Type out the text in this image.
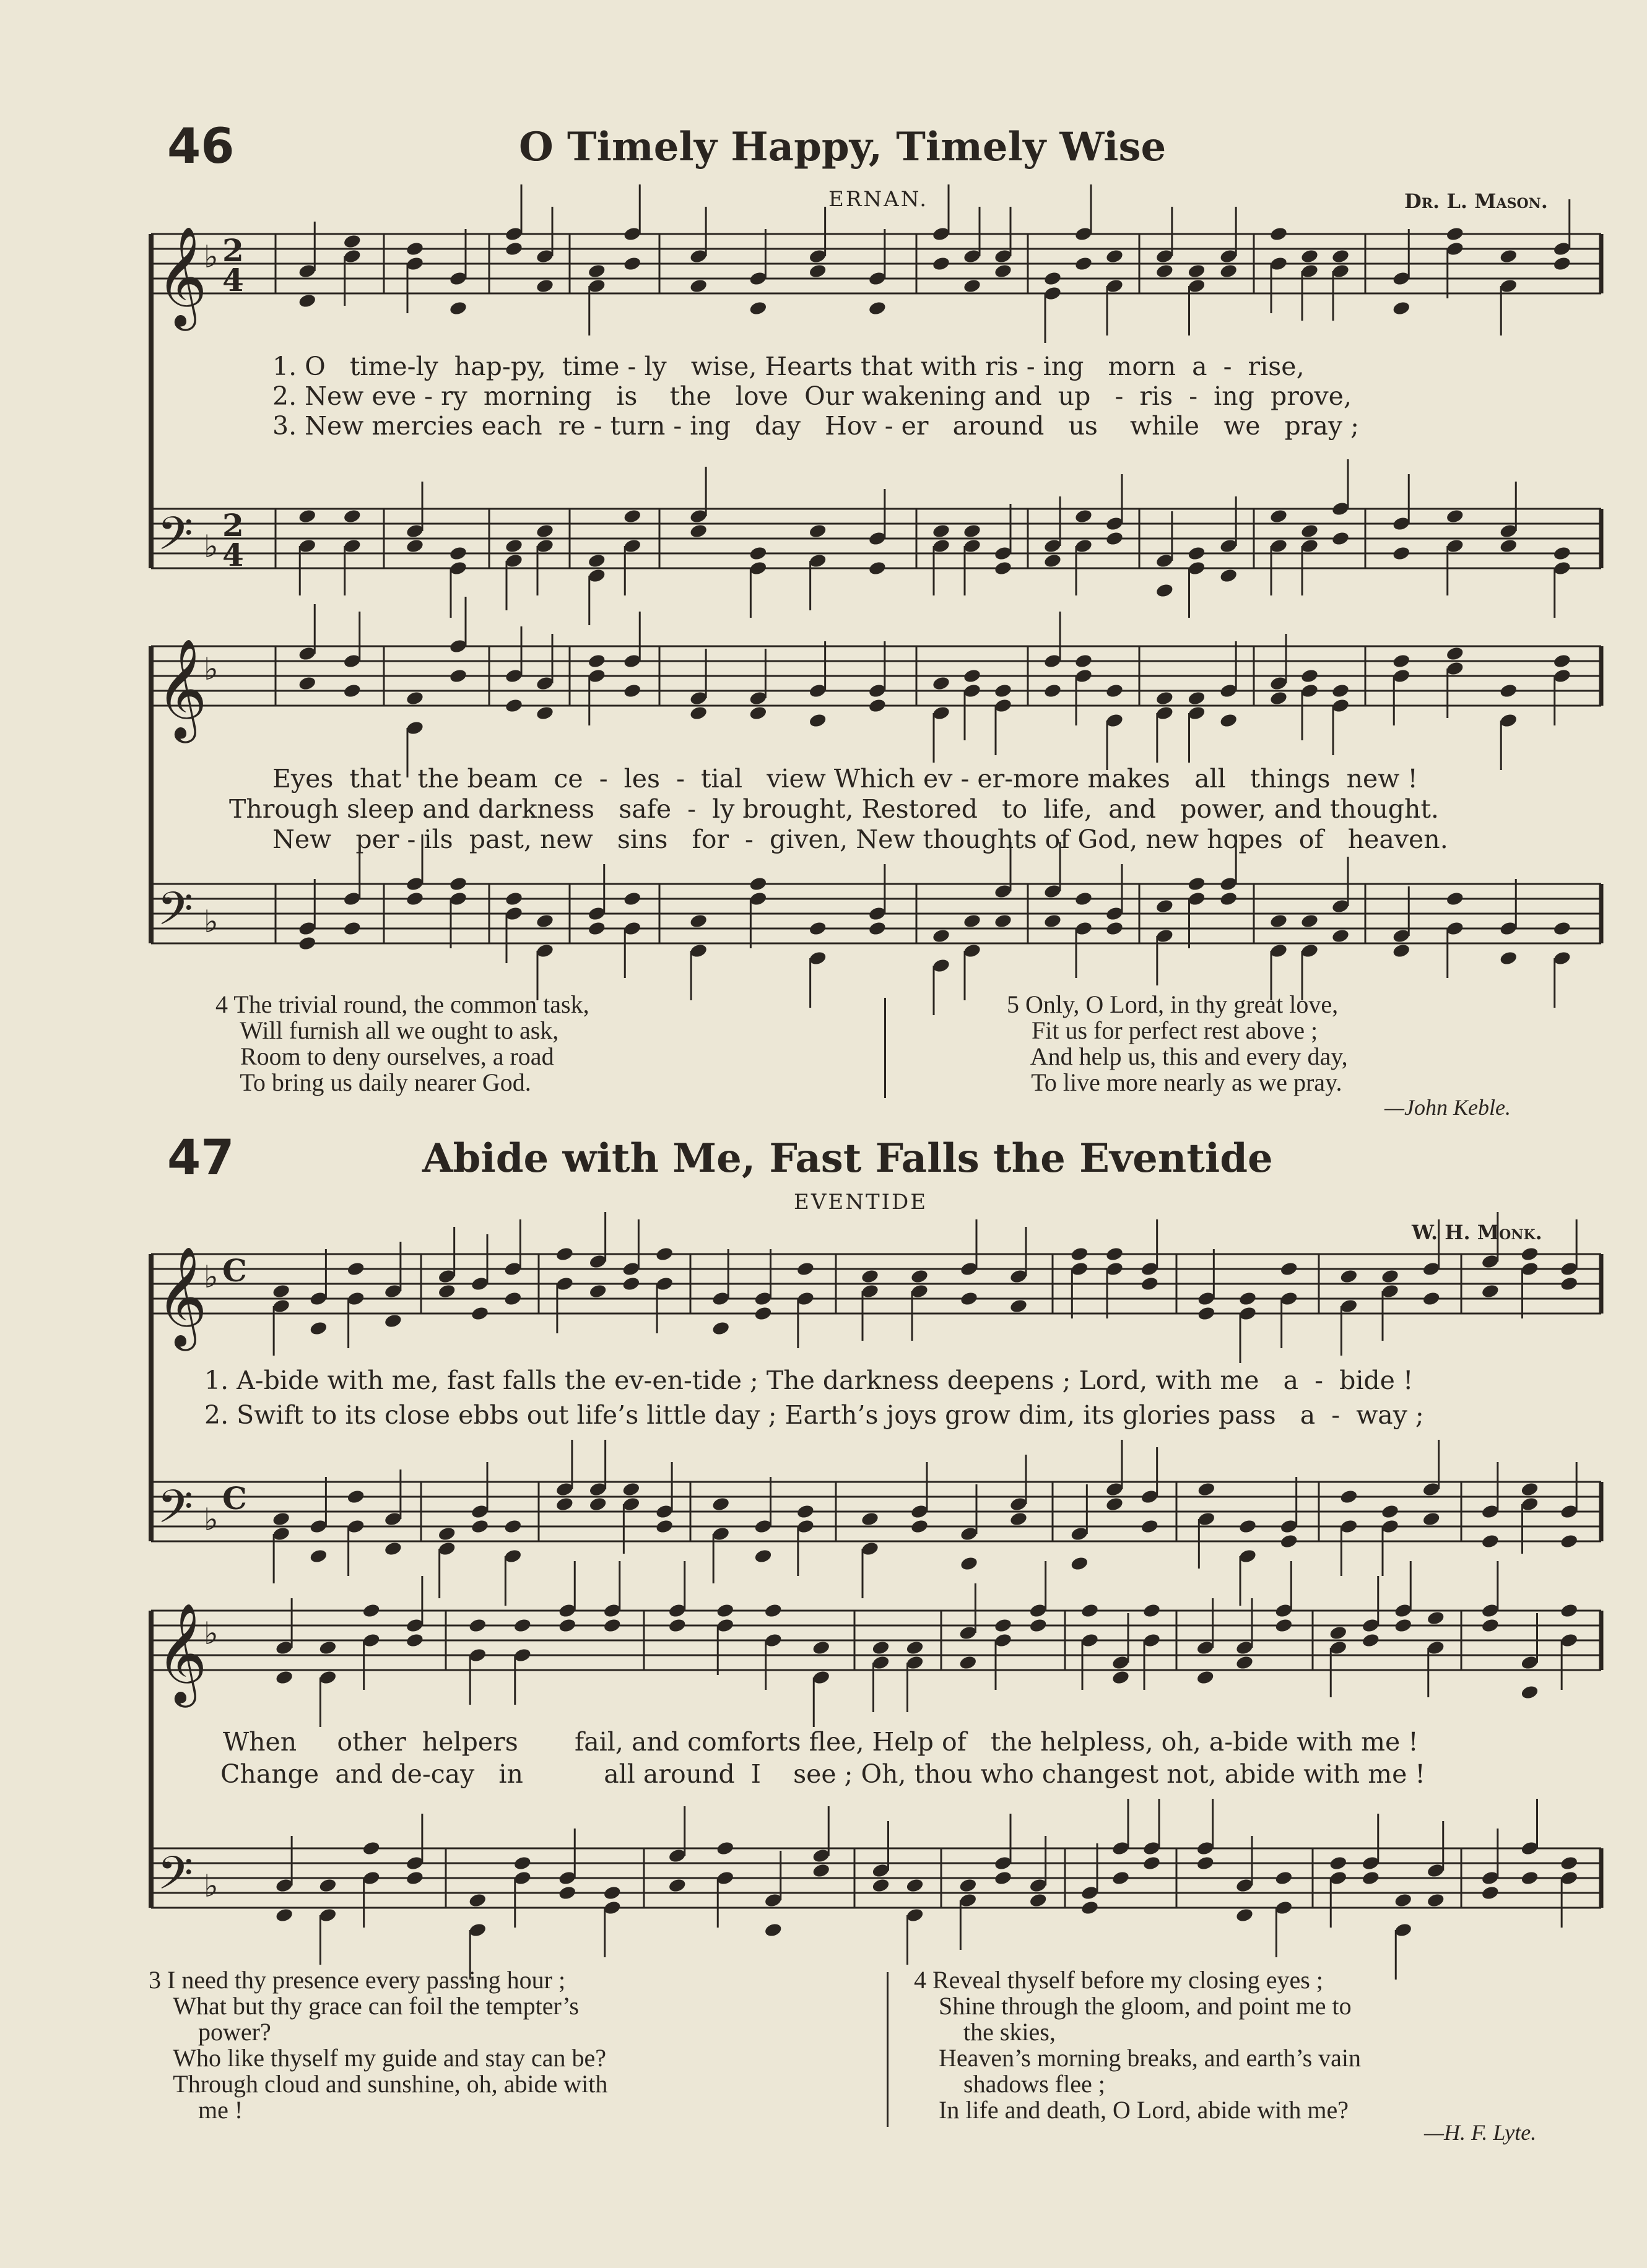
46	O Timely Happy, Timely Wise
ERNAN.	Dr. L. Mason.
1. O   time-ly  hap-py,  time - ly   wise, Hearts that with ris - ing   morn  a  -  rise,
2. New eve - ry  morning   is    the   love  Our wakening and  up   -  ris  -  ing  prove,
3. New mercies each  re - turn - ing   day   Hov - er   around   us    while   we   pray ;
Eyes  that  the beam  ce  -  les  -  tial   view Which ev - er-more makes   all   things  new !
Through sleep and darkness   safe  -  ly brought, Restored   to  life,  and   power, and thought.
New   per - ils  past, new   sins   for  -  given, New thoughts of God, new hopes  of   heaven.
4 The trivial round, the common task,
Will furnish all we ought to ask,
Room to deny ourselves, a road
To bring us daily nearer God.
5 Only, O Lord, in thy great love,
Fit us for perfect rest above ;
And help us, this and every day,
To live more nearly as we pray.
—John Keble.
47	Abide with Me, Fast Falls the Eventide
EVENTIDE
W. H. Monk.
1. A-bide with me, fast falls the ev-en-tide ; The darkness deepens ; Lord, with me   a  -  bide !
2. Swift to its close ebbs out life’s little day ; Earth’s joys grow dim, its glories pass   a  -  way ;
When     other  helpers       fail, and comforts flee, Help of   the helpless, oh, a-bide with me !
Change  and de-cay   in          all around  I    see ; Oh, thou who changest not, abide with me !
3 I need thy presence every passing hour ;
What but thy grace can foil the tempter’s
power?
Who like thyself my guide and stay can be?
Through cloud and sunshine, oh, abide with
me !
4 Reveal thyself before my closing eyes ;
Shine through the gloom, and point me to
the skies,
Heaven’s morning breaks, and earth’s vain
shadows flee ;
In life and death, O Lord, abide with me?
—H. F. Lyte.
𝄞
𝄢
♭
♭
2
4
2
4
𝄞
𝄢
♭
♭
𝄞
𝄢
♭
♭
C
C
𝄞
𝄢
♭
♭
